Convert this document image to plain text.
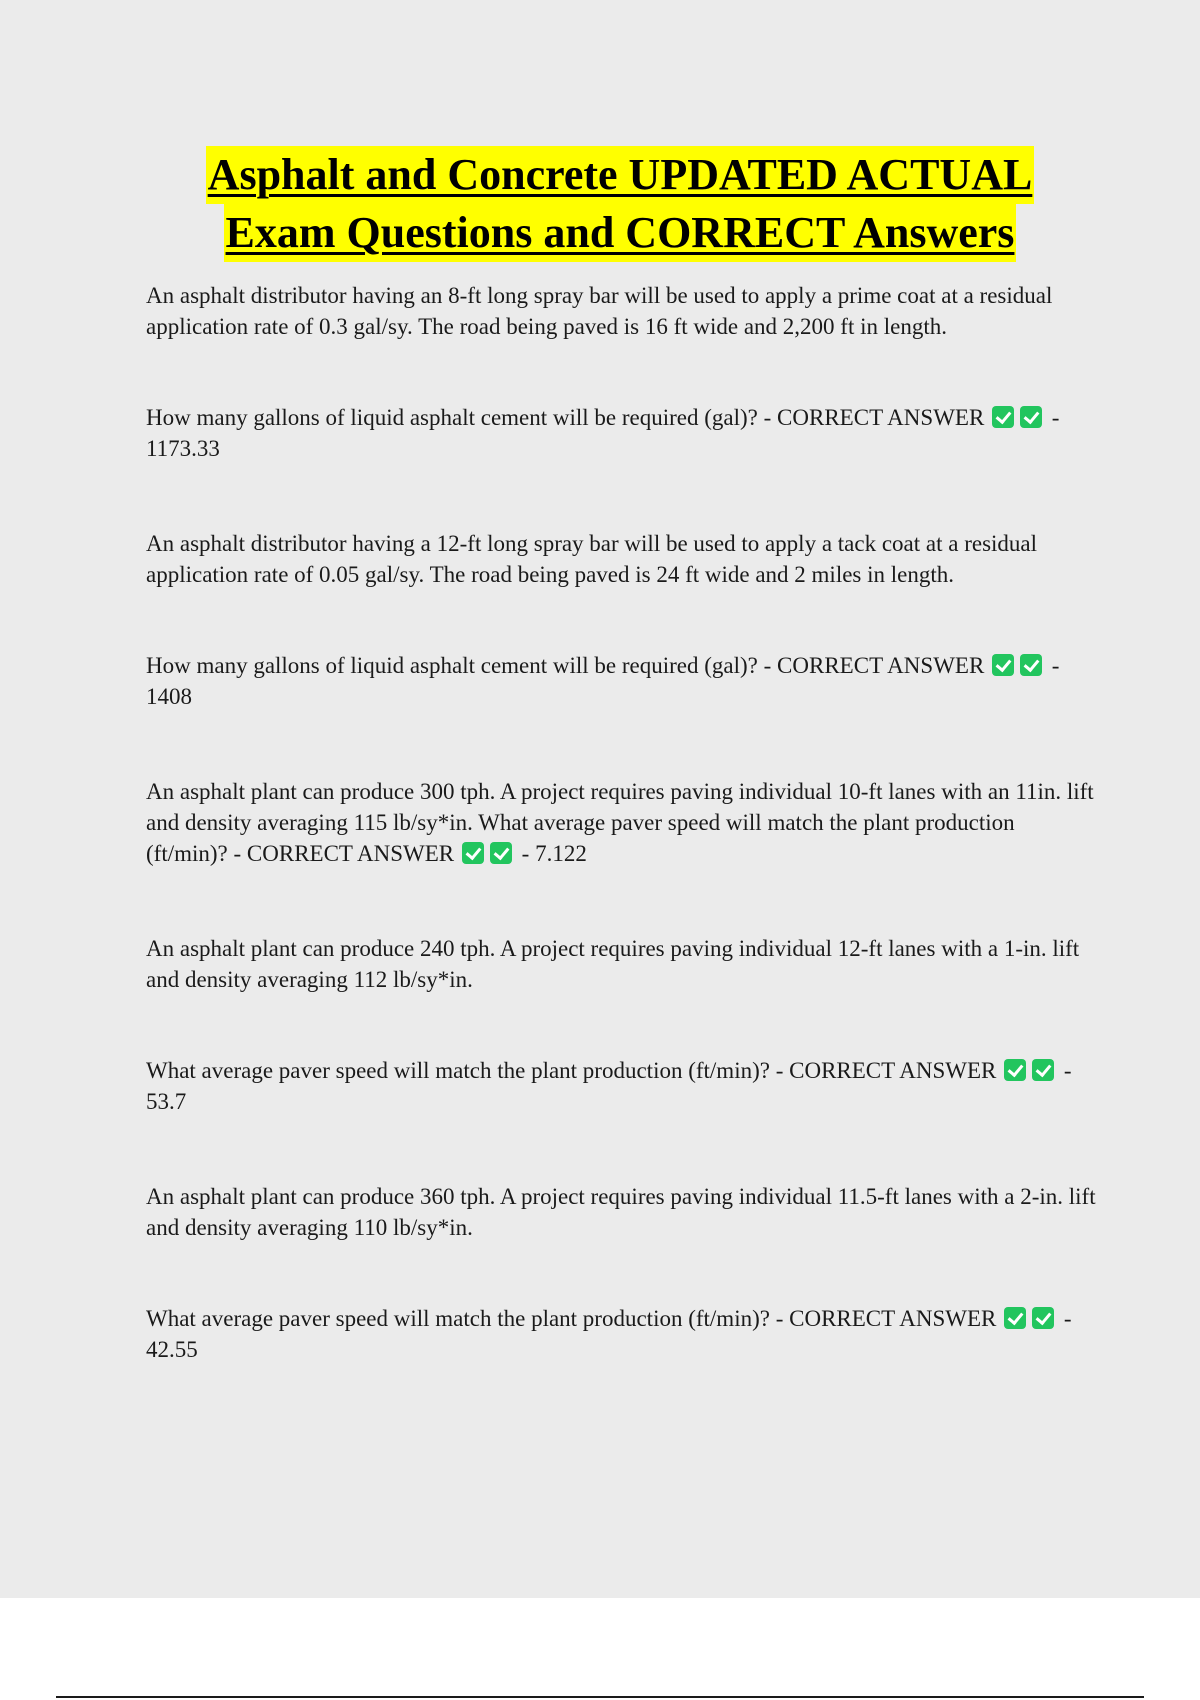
Asphalt and Concrete UPDATED ACTUAL
Exam Questions and CORRECT Answers

An asphalt distributor having an 8-ft long spray bar will be used to apply a prime coat at a residual application rate of 0.3 gal/sy. The road being paved is 16 ft wide and 2,200 ft in length.

How many gallons of liquid asphalt cement will be required (gal)? - CORRECT ANSWER	- 1173.33

An asphalt distributor having a 12-ft long spray bar will be used to apply a tack coat at a residual application rate of 0.05 gal/sy. The road being paved is 24 ft wide and 2 miles in length.

How many gallons of liquid asphalt cement will be required (gal)? - CORRECT ANSWER	- 1408

An asphalt plant can produce 300 tph. A project requires paving individual 10-ft lanes with an 11in. lift and density averaging 115 lb/sy*in. What average paver speed will match the plant production (ft/min)? - CORRECT ANSWER	- 7.122

An asphalt plant can produce 240 tph. A project requires paving individual 12-ft lanes with a 1-in. lift and density averaging 112 lb/sy*in.

What average paver speed will match the plant production (ft/min)? - CORRECT ANSWER	- 53.7

An asphalt plant can produce 360 tph. A project requires paving individual 11.5-ft lanes with a 2-in. lift and density averaging 110 lb/sy*in.

What average paver speed will match the plant production (ft/min)? - CORRECT ANSWER	- 42.55
